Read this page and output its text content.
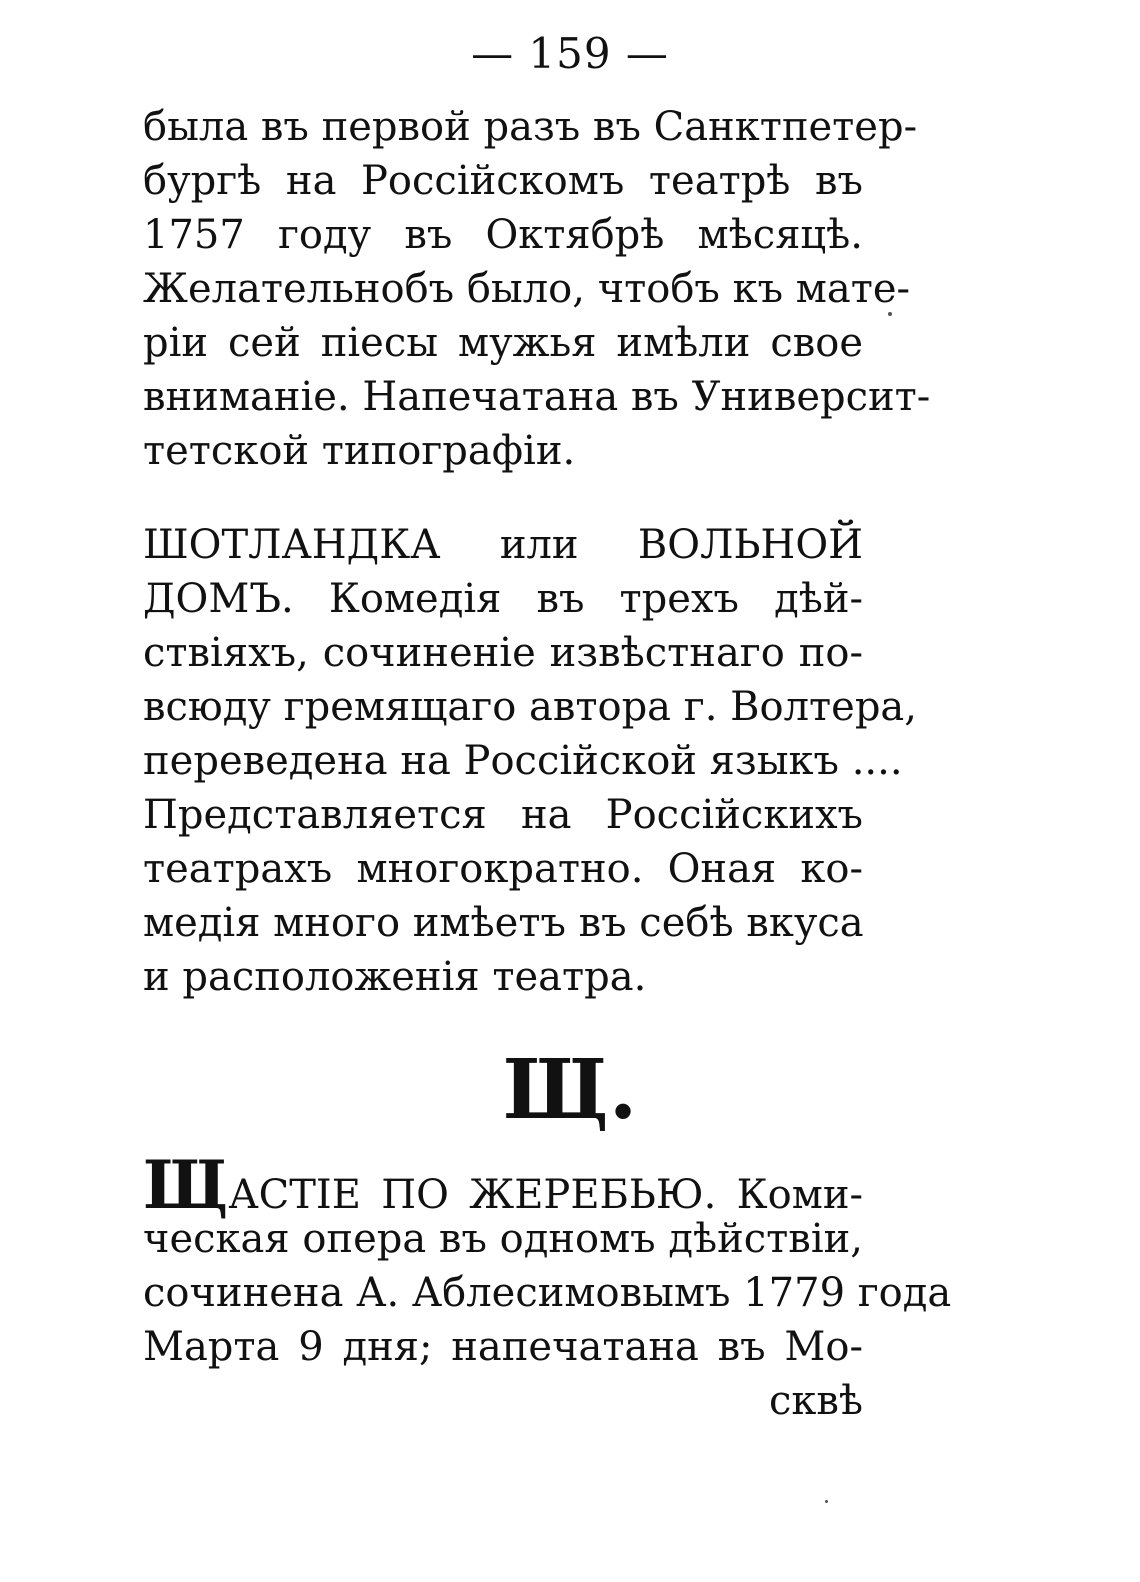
— 159 —
была въ первой разъ въ Санктпетер-
бургѣ на Россійскомъ театрѣ въ
1757 году въ Октябрѣ мѣсяцѣ.
Желательнобъ было, чтобъ къ мате-
ріи сей піесы мужья имѣли свое
вниманіе. Напечатана въ Университ-
тетской типографіи.
ШОТЛАНДКА или ВОЛЬНОЙ
ДОМЪ. Комедія въ трехъ дѣй-
ствіяхъ, сочиненіе извѣстнаго по-
всюду гремящаго автора г. Волтера,
переведена на Россійской языкъ ....
Представляется на Россійскихъ
театрахъ многократно. Оная ко-
медія много имѣетъ въ себѣ вкуса
и расположенія театра.
Щ.
ЩАСТІЕ ПО ЖЕРЕБЬЮ. Коми-
ческая опера въ одномъ дѣйствіи,
сочинена А. Аблесимовымъ 1779 года
Марта 9 дня; напечатана въ Мо-
сквѣ
